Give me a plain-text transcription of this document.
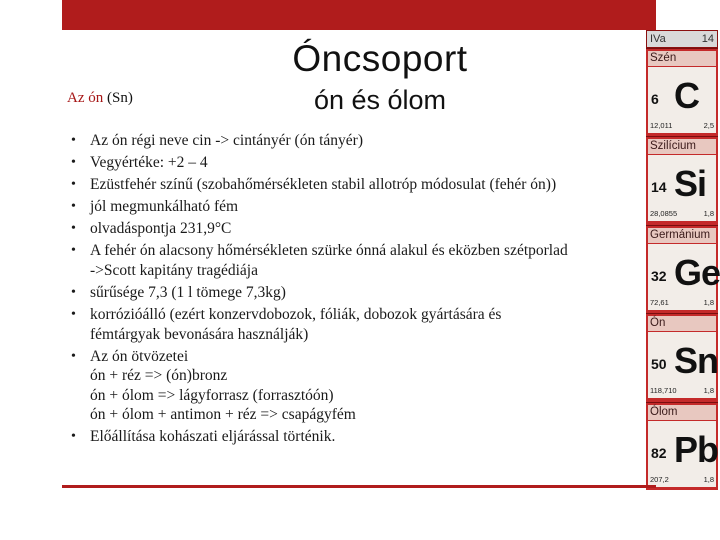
Óncsoport
ón és ólom
Az ón (Sn)
• Az ón régi neve cin -> cintányér (ón tányér)
• Vegyértéke: +2 – 4
• Ezüstfehér színű (szobahőmérsékleten stabil allotróp módosulat (fehér ón))
• jól megmunkálható fém
• olvadáspontja 231,9°C
• A fehér ón alacsony hőmérsékleten szürke ónná alakul és eközben szétporlad
->Scott kapitány tragédiája
• sűrűsége 7,3 (1 l tömege 7,3kg)
• korrózióálló (ezért konzervdobozok, fóliák, dobozok gyártására és
fémtárgyak bevonására használják)
• Az ón ötvözetei
ón + réz => (ón)bronz
ón + ólom => lágyforrasz (forrasztóón)
ón + ólom + antimon + réz => csapágyfém
• Előállítása kohászati eljárással történik.
IVa	14
Szén
6 C
12,011	2,5
Szilícium
14 Si
28,0855	1,8
Germánium
32 Ge
72,61	1,8
Ón
50 Sn
118,710	1,8
Ólom
82 Pb
207,2	1,8
